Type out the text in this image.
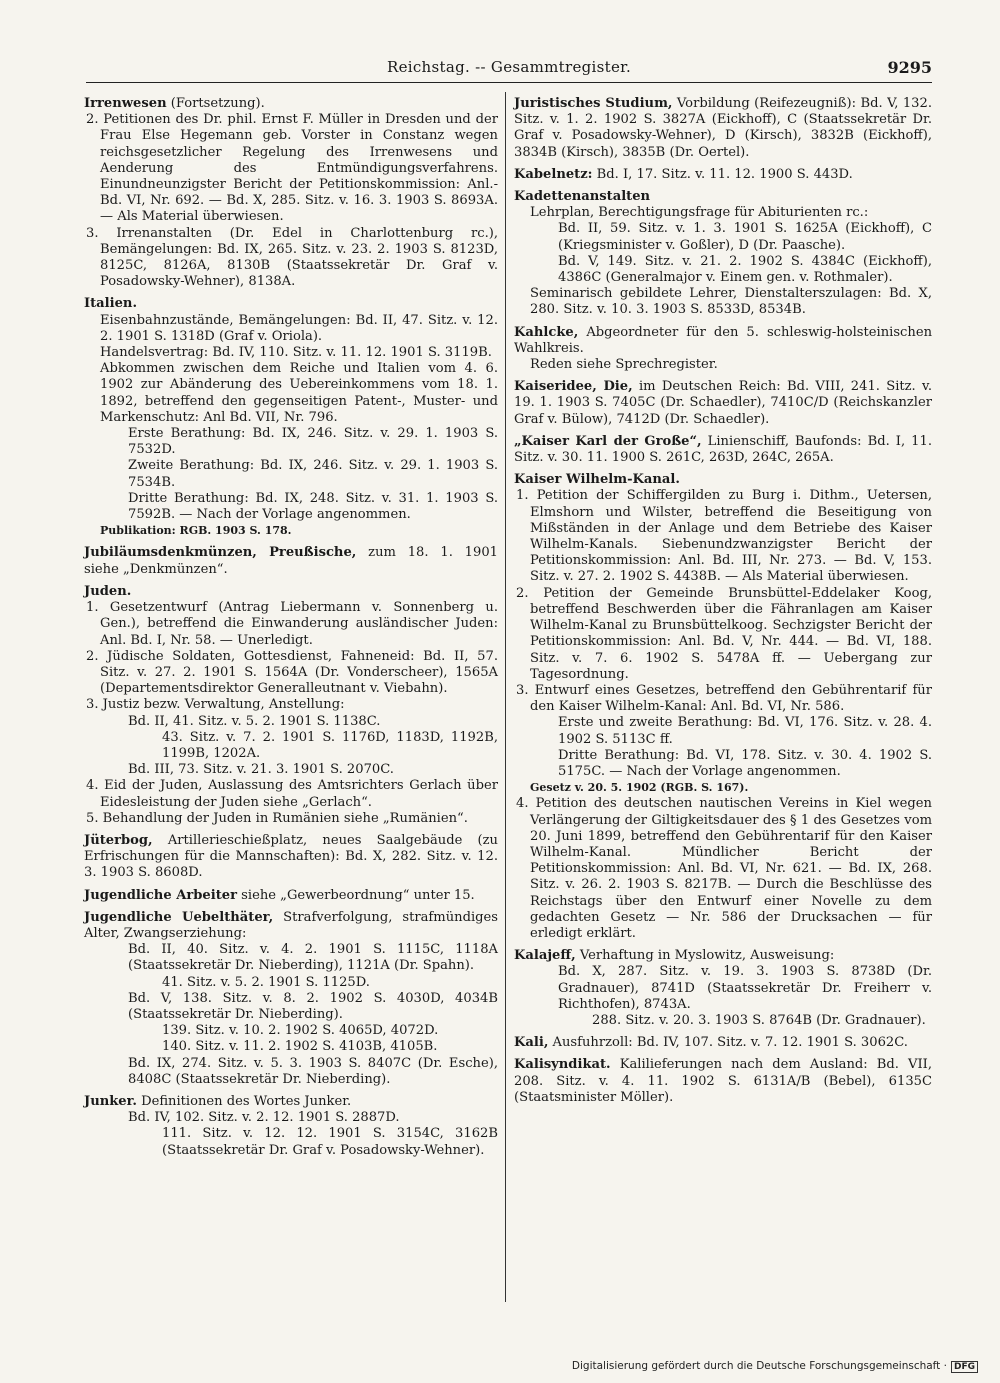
Reichstag. -- Gesammtregister.	9295

Irrenwesen (Fortsetzung).

2. Petitionen des Dr. phil. Ernst F. Müller in Dresden und der Frau Else Hegemann geb. Vorster in Constanz wegen reichsgesetzlicher Regelung des Irrenwesens und Aenderung des Entmündigungsverfahrens. Einundneunzigster Bericht der Petitionskommission: Anl.-Bd. VI, Nr. 692. — Bd. X, 285. Sitz. v. 16. 3. 1903 S. 8693A. — Als Material überwiesen.

3. Irrenanstalten (Dr. Edel in Charlottenburg rc.), Bemängelungen: Bd. IX, 265. Sitz. v. 23. 2. 1903 S. 8123D, 8125C, 8126A, 8130B (Staatssekretär Dr. Graf v. Posadowsky-Wehner), 8138A.

Italien.

Eisenbahnzustände, Bemängelungen: Bd. II, 47. Sitz. v. 12. 2. 1901 S. 1318D (Graf v. Oriola).

Handelsvertrag: Bd. IV, 110. Sitz. v. 11. 12. 1901 S. 3119B.

Abkommen zwischen dem Reiche und Italien vom 4. 6. 1902 zur Abänderung des Uebereinkommens vom 18. 1. 1892, betreffend den gegenseitigen Patent-, Muster- und Markenschutz: Anl Bd. VII, Nr. 796.

Erste Berathung: Bd. IX, 246. Sitz. v. 29. 1. 1903 S. 7532D.

Zweite Berathung: Bd. IX, 246. Sitz. v. 29. 1. 1903 S. 7534B.

Dritte Berathung: Bd. IX, 248. Sitz. v. 31. 1. 1903 S. 7592B. — Nach der Vorlage angenommen.

Publikation: RGB. 1903 S. 178.

Jubiläumsdenkmünzen, Preußische, zum 18. 1. 1901 siehe „Denkmünzen“.

Juden.

1. Gesetzentwurf (Antrag Liebermann v. Sonnenberg u. Gen.), betreffend die Einwanderung ausländischer Juden: Anl. Bd. I, Nr. 58. — Unerledigt.

2. Jüdische Soldaten, Gottesdienst, Fahneneid: Bd. II, 57. Sitz. v. 27. 2. 1901 S. 1564A (Dr. Vonderscheer), 1565A (Departementsdirektor Generalleutnant v. Viebahn).

3. Justiz bezw. Verwaltung, Anstellung:

Bd. II, 41. Sitz. v. 5. 2. 1901 S. 1138C.

43. Sitz. v. 7. 2. 1901 S. 1176D, 1183D, 1192B, 1199B, 1202A.

Bd. III, 73. Sitz. v. 21. 3. 1901 S. 2070C.

4. Eid der Juden, Auslassung des Amtsrichters Gerlach über Eidesleistung der Juden siehe „Gerlach“.

5. Behandlung der Juden in Rumänien siehe „Rumänien“.

Jüterbog, Artillerieschießplatz, neues Saalgebäude (zu Erfrischungen für die Mannschaften): Bd. X, 282. Sitz. v. 12. 3. 1903 S. 8608D.

Jugendliche Arbeiter siehe „Gewerbeordnung“ unter 15.

Jugendliche Uebelthäter, Strafverfolgung, strafmündiges Alter, Zwangserziehung:

Bd. II, 40. Sitz. v. 4. 2. 1901 S. 1115C, 1118A (Staatssekretär Dr. Nieberding), 1121A (Dr. Spahn).

41. Sitz. v. 5. 2. 1901 S. 1125D.

Bd. V, 138. Sitz. v. 8. 2. 1902 S. 4030D, 4034B (Staatssekretär Dr. Nieberding).

139. Sitz. v. 10. 2. 1902 S. 4065D, 4072D.

140. Sitz. v. 11. 2. 1902 S. 4103B, 4105B.

Bd. IX, 274. Sitz. v. 5. 3. 1903 S. 8407C (Dr. Esche), 8408C (Staatssekretär Dr. Nieberding).

Junker. Definitionen des Wortes Junker.

Bd. IV, 102. Sitz. v. 2. 12. 1901 S. 2887D.

111. Sitz. v. 12. 12. 1901 S. 3154C, 3162B (Staatssekretär Dr. Graf v. Posadowsky-Wehner).

Juristisches Studium, Vorbildung (Reifezeugniß): Bd. V, 132. Sitz. v. 1. 2. 1902 S. 3827A (Eickhoff), C (Staatssekretär Dr. Graf v. Posadowsky-Wehner), D (Kirsch), 3832B (Eickhoff), 3834B (Kirsch), 3835B (Dr. Oertel).

Kabelnetz: Bd. I, 17. Sitz. v. 11. 12. 1900 S. 443D.

Kadettenanstalten

Lehrplan, Berechtigungsfrage für Abiturienten rc.:

Bd. II, 59. Sitz. v. 1. 3. 1901 S. 1625A (Eickhoff), C (Kriegsminister v. Goßler), D (Dr. Paasche).

Bd. V, 149. Sitz. v. 21. 2. 1902 S. 4384C (Eickhoff), 4386C (Generalmajor v. Einem gen. v. Rothmaler).

Seminarisch gebildete Lehrer, Dienstalterszulagen: Bd. X, 280. Sitz. v. 10. 3. 1903 S. 8533D, 8534B.

Kahlcke, Abgeordneter für den 5. schleswig-holsteinischen Wahlkreis.

Reden siehe Sprechregister.

Kaiseridee, Die, im Deutschen Reich: Bd. VIII, 241. Sitz. v. 19. 1. 1903 S. 7405C (Dr. Schaedler), 7410C/D (Reichskanzler Graf v. Bülow), 7412D (Dr. Schaedler).

„Kaiser Karl der Große“, Linienschiff, Baufonds: Bd. I, 11. Sitz. v. 30. 11. 1900 S. 261C, 263D, 264C, 265A.

Kaiser Wilhelm-Kanal.

1. Petition der Schiffergilden zu Burg i. Dithm., Uetersen, Elmshorn und Wilster, betreffend die Beseitigung von Mißständen in der Anlage und dem Betriebe des Kaiser Wilhelm-Kanals. Siebenundzwanzigster Bericht der Petitionskommission: Anl. Bd. III, Nr. 273. — Bd. V, 153. Sitz. v. 27. 2. 1902 S. 4438B. — Als Material überwiesen.

2. Petition der Gemeinde Brunsbüttel-Eddelaker Koog, betreffend Beschwerden über die Fähranlagen am Kaiser Wilhelm-Kanal zu Brunsbüttelkoog. Sechzigster Bericht der Petitionskommission: Anl. Bd. V, Nr. 444. — Bd. VI, 188. Sitz. v. 7. 6. 1902 S. 5478A ff. — Uebergang zur Tagesordnung.

3. Entwurf eines Gesetzes, betreffend den Gebührentarif für den Kaiser Wilhelm-Kanal: Anl. Bd. VI, Nr. 586.

Erste und zweite Berathung: Bd. VI, 176. Sitz. v. 28. 4. 1902 S. 5113C ff.

Dritte Berathung: Bd. VI, 178. Sitz. v. 30. 4. 1902 S. 5175C. — Nach der Vorlage angenommen.

Gesetz v. 20. 5. 1902 (RGB. S. 167).

4. Petition des deutschen nautischen Vereins in Kiel wegen Verlängerung der Giltigkeitsdauer des § 1 des Gesetzes vom 20. Juni 1899, betreffend den Gebührentarif für den Kaiser Wilhelm-Kanal. Mündlicher Bericht der Petitionskommission: Anl. Bd. VI, Nr. 621. — Bd. IX, 268. Sitz. v. 26. 2. 1903 S. 8217B. — Durch die Beschlüsse des Reichstags über den Entwurf einer Novelle zu dem gedachten Gesetz — Nr. 586 der Drucksachen — für erledigt erklärt.

Kalajeff, Verhaftung in Myslowitz, Ausweisung:

Bd. X, 287. Sitz. v. 19. 3. 1903 S. 8738D (Dr. Gradnauer), 8741D (Staatssekretär Dr. Freiherr v. Richthofen), 8743A.

288. Sitz. v. 20. 3. 1903 S. 8764B (Dr. Gradnauer).

Kali, Ausfuhrzoll: Bd. IV, 107. Sitz. v. 7. 12. 1901 S. 3062C.

Kalisyndikat. Kalilieferungen nach dem Ausland: Bd. VII, 208. Sitz. v. 4. 11. 1902 S. 6131A/B (Bebel), 6135C (Staatsminister Möller).

Digitalisierung gefördert durch die Deutsche Forschungsgemeinschaft · DFG
